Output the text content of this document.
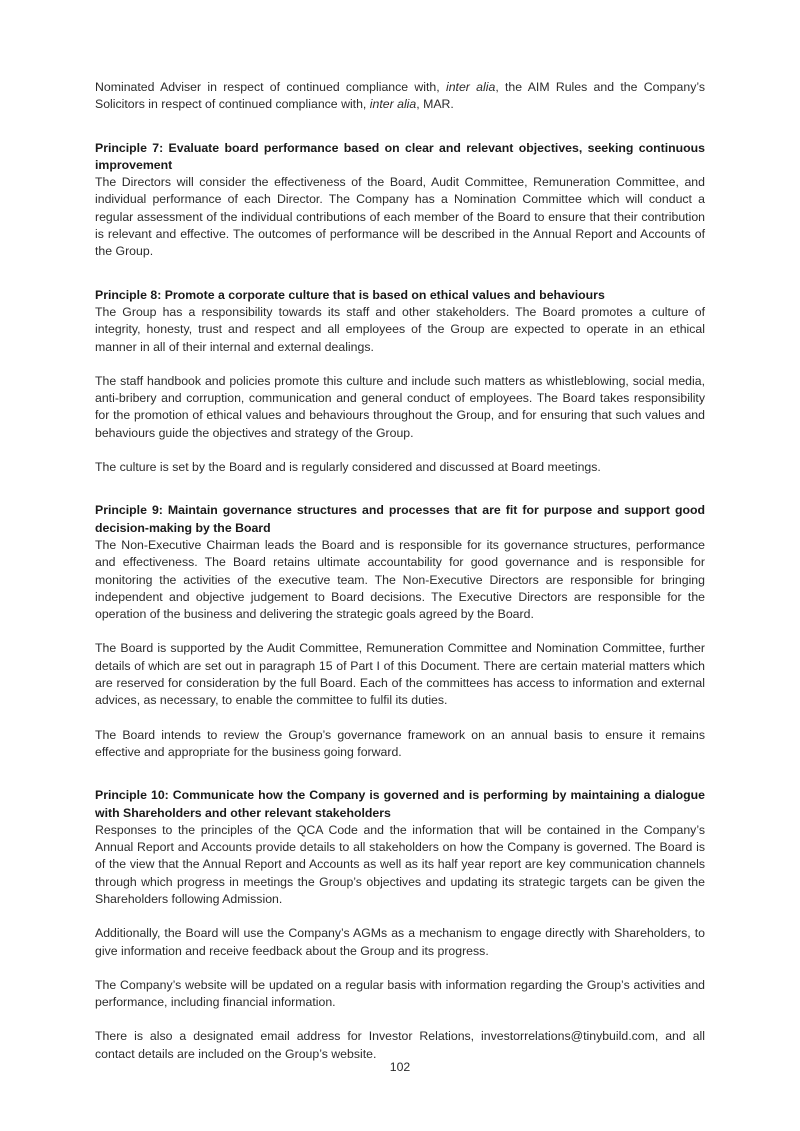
Nominated Adviser in respect of continued compliance with, inter alia, the AIM Rules and the Company’s Solicitors in respect of continued compliance with, inter alia, MAR.

Principle 7: Evaluate board performance based on clear and relevant objectives, seeking continuous improvement

The Directors will consider the effectiveness of the Board, Audit Committee, Remuneration Committee, and individual performance of each Director. The Company has a Nomination Committee which will conduct a regular assessment of the individual contributions of each member of the Board to ensure that their contribution is relevant and effective. The outcomes of performance will be described in the Annual Report and Accounts of the Group.

Principle 8: Promote a corporate culture that is based on ethical values and behaviours

The Group has a responsibility towards its staff and other stakeholders. The Board promotes a culture of integrity, honesty, trust and respect and all employees of the Group are expected to operate in an ethical manner in all of their internal and external dealings.

The staff handbook and policies promote this culture and include such matters as whistleblowing, social media, anti-bribery and corruption, communication and general conduct of employees. The Board takes responsibility for the promotion of ethical values and behaviours throughout the Group, and for ensuring that such values and behaviours guide the objectives and strategy of the Group.

The culture is set by the Board and is regularly considered and discussed at Board meetings.

Principle 9: Maintain governance structures and processes that are fit for purpose and support good decision-making by the Board

The Non-Executive Chairman leads the Board and is responsible for its governance structures, performance and effectiveness. The Board retains ultimate accountability for good governance and is responsible for monitoring the activities of the executive team. The Non-Executive Directors are responsible for bringing independent and objective judgement to Board decisions. The Executive Directors are responsible for the operation of the business and delivering the strategic goals agreed by the Board.

The Board is supported by the Audit Committee, Remuneration Committee and Nomination Committee, further details of which are set out in paragraph 15 of Part I of this Document. There are certain material matters which are reserved for consideration by the full Board. Each of the committees has access to information and external advices, as necessary, to enable the committee to fulfil its duties.

The Board intends to review the Group’s governance framework on an annual basis to ensure it remains effective and appropriate for the business going forward.

Principle 10: Communicate how the Company is governed and is performing by maintaining a dialogue with Shareholders and other relevant stakeholders

Responses to the principles of the QCA Code and the information that will be contained in the Company’s Annual Report and Accounts provide details to all stakeholders on how the Company is governed. The Board is of the view that the Annual Report and Accounts as well as its half year report are key communication channels through which progress in meetings the Group’s objectives and updating its strategic targets can be given the Shareholders following Admission.

Additionally, the Board will use the Company’s AGMs as a mechanism to engage directly with Shareholders, to give information and receive feedback about the Group and its progress.

The Company’s website will be updated on a regular basis with information regarding the Group’s activities and performance, including financial information.

There is also a designated email address for Investor Relations, investorrelations@tinybuild.com, and all contact details are included on the Group’s website.

102
